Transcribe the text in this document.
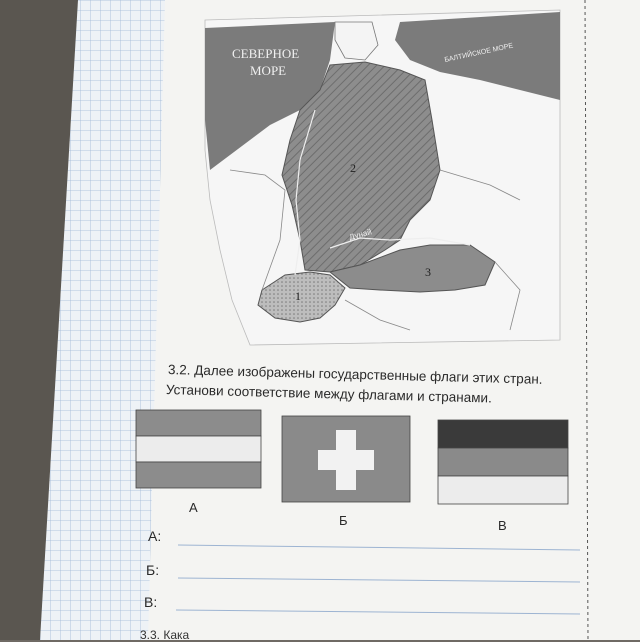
СЕВЕРНОЕ
МОРЕ
БАЛТИЙСКОЕ МОРЕ
Дунай
1
2
3
3.2. Далее изображены государственные флаги этих стран.
Установи соответствие между флагами и странами.
А
Б	В
А:
Б:
В:
3.3. Кака
